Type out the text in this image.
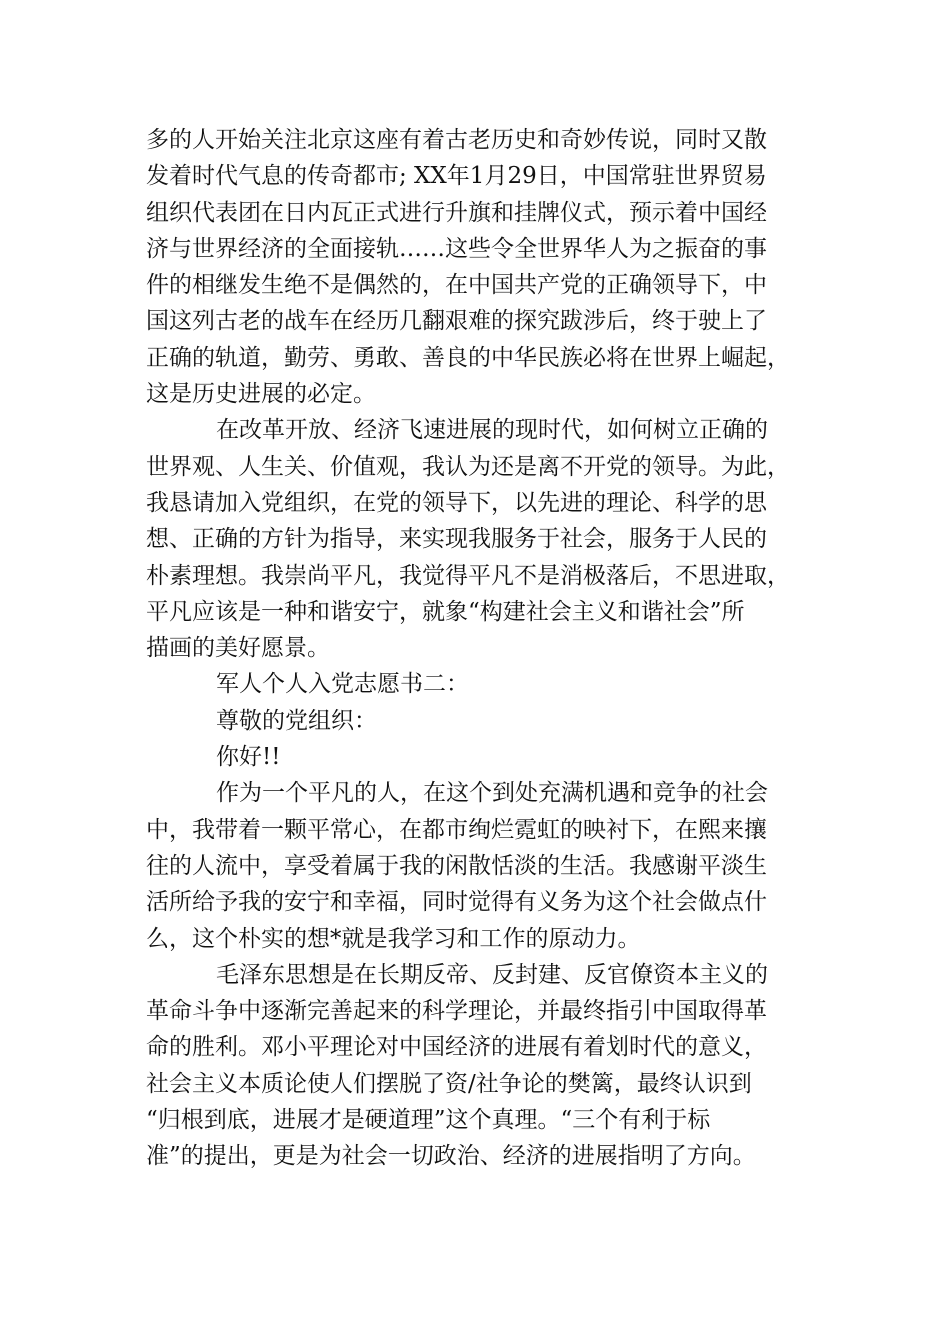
多的人开始关注北京这座有着古老历史和奇妙传说，同时又散
发着时代气息的传奇都市; XX年1月29日，中国常驻世界贸易
组织代表团在日内瓦正式进行升旗和挂牌仪式，预示着中国经
济与世界经济的全面接轨……这些令全世界华人为之振奋的事
件的相继发生绝不是偶然的，在中国共产党的正确领导下，中
国这列古老的战车在经历几翻艰难的探究跋涉后，终于驶上了
正确的轨道，勤劳、勇敢、善良的中华民族必将在世界上崛起，
这是历史进展的必定。
在改革开放、经济飞速进展的现时代，如何树立正确的
世界观、人生关、价值观，我认为还是离不开党的领导。为此，
我恳请加入党组织，在党的领导下，以先进的理论、科学的思
想、正确的方针为指导，来实现我服务于社会，服务于人民的
朴素理想。我崇尚平凡，我觉得平凡不是消极落后，不思进取，
平凡应该是一种和谐安宁，就象“构建社会主义和谐社会”所
描画的美好愿景。
军人个人入党志愿书二：
尊敬的党组织：
你好!!
作为一个平凡的人，在这个到处充满机遇和竞争的社会
中，我带着一颗平常心，在都市绚烂霓虹的映衬下，在熙来攘
往的人流中，享受着属于我的闲散恬淡的生活。我感谢平淡生
活所给予我的安宁和幸福，同时觉得有义务为这个社会做点什
么，这个朴实的想*就是我学习和工作的原动力。
毛泽东思想是在长期反帝、反封建、反官僚资本主义的
革命斗争中逐渐完善起来的科学理论，并最终指引中国取得革
命的胜利。邓小平理论对中国经济的进展有着划时代的意义，
社会主义本质论使人们摆脱了资/社争论的樊篱，最终认识到
“归根到底，进展才是硬道理”这个真理。“三个有利于标
准”的提出，更是为社会一切政治、经济的进展指明了方向。
